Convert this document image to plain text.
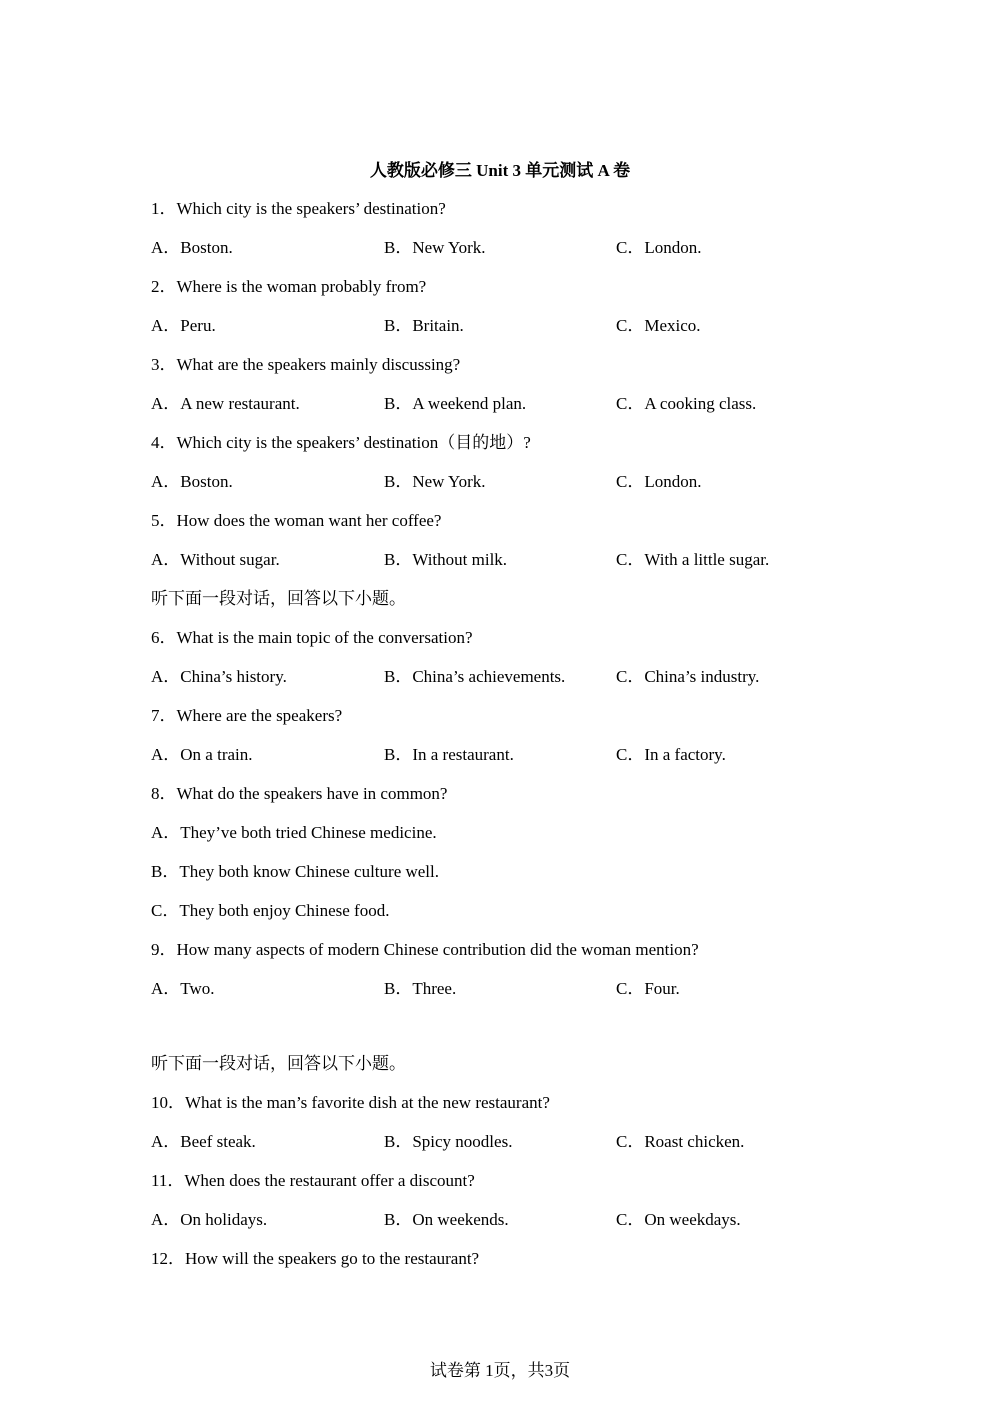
人教版必修三 Unit 3 单元测试 A 卷
1．Which city is the speakers’ destination?
A．Boston.	B．New York.	C．London.
2．Where is the woman probably from?
A．Peru.	B．Britain.	C．Mexico.
3．What are the speakers mainly discussing?
A．A new restaurant.	B．A weekend plan.	C．A cooking class.
4．Which city is the speakers’ destination（目的地）?
A．Boston.	B．New York.	C．London.
5．How does the woman want her coffee?
A．Without sugar.	B．Without milk.	C．With a little sugar.
听下面一段对话，回答以下小题。
6．What is the main topic of the conversation?
A．China’s history.	B．China’s achievements.	C．China’s industry.
7．Where are the speakers?
A．On a train.	B．In a restaurant.	C．In a factory.
8．What do the speakers have in common?
A．They’ve both tried Chinese medicine.
B．They both know Chinese culture well.
C．They both enjoy Chinese food.
9．How many aspects of modern Chinese contribution did the woman mention?
A．Two.	B．Three.	C．Four.
听下面一段对话，回答以下小题。
10．What is the man’s favorite dish at the new restaurant?
A．Beef steak.	B．Spicy noodles.	C．Roast chicken.
11．When does the restaurant offer a discount?
A．On holidays.	B．On weekends.	C．On weekdays.
12．How will the speakers go to the restaurant?
试卷第 1页，共3页
